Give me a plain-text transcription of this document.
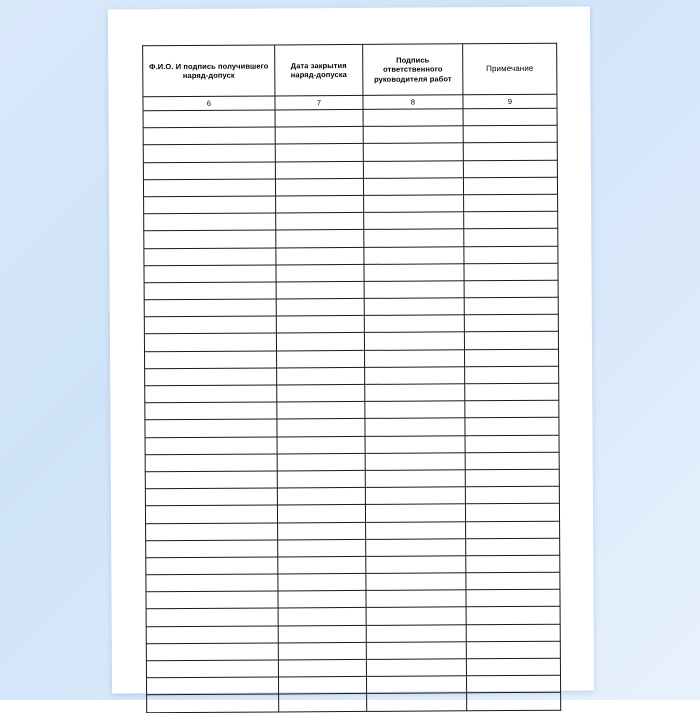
Ф.И.О. И подпись получившего наряд-допуск	Дата закрытия наряд-допуска	Подпись ответственного руководителя работ	Примечание
6	7	8	9
